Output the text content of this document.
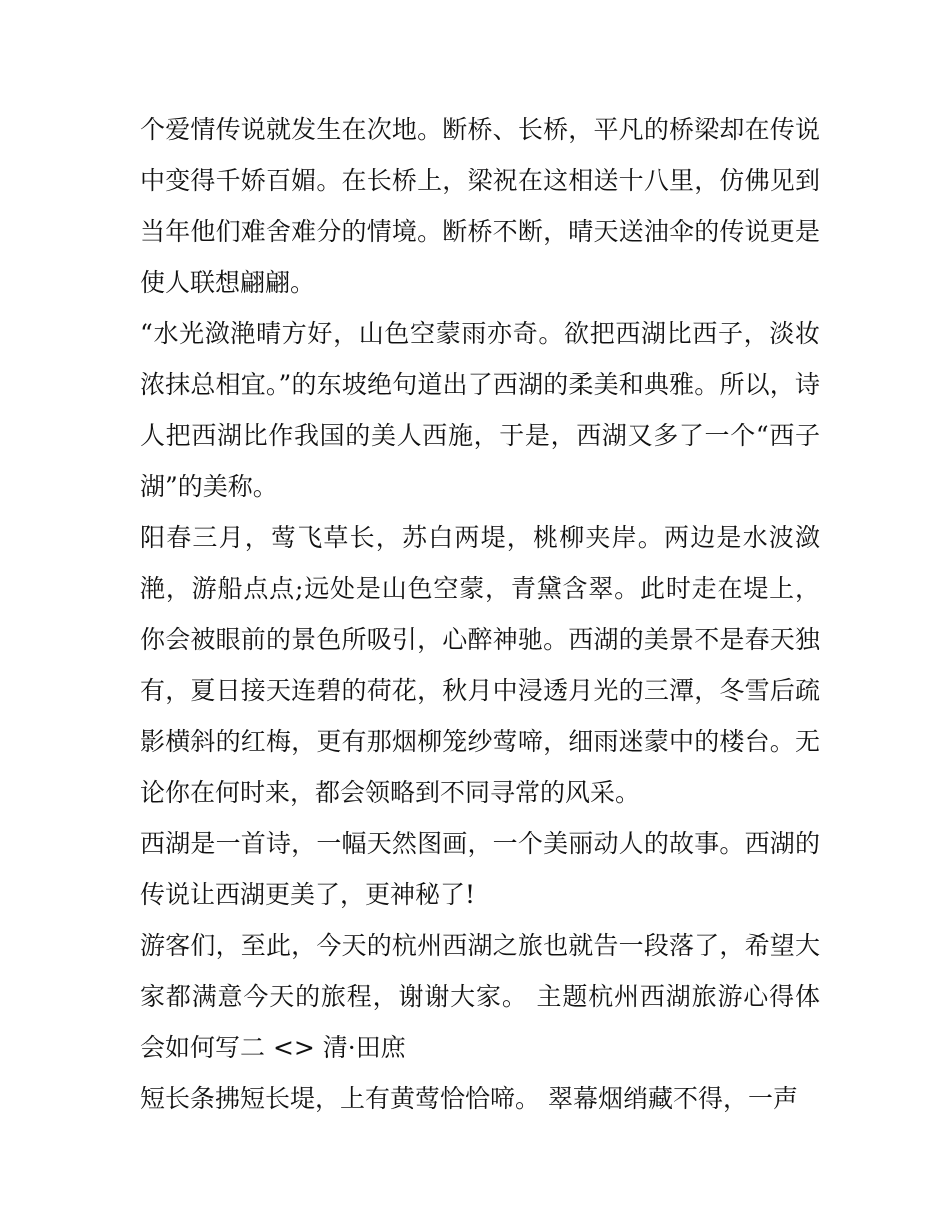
个爱情传说就发生在次地。断桥、长桥，平凡的桥梁却在传说中变得千娇百媚。在长桥上，梁祝在这相送十八里，仿佛见到当年他们难舍难分的情境。断桥不断，晴天送油伞的传说更是使人联想翩翩。

“水光潋滟晴方好，山色空蒙雨亦奇。欲把西湖比西子，淡妆浓抹总相宜。”的东坡绝句道出了西湖的柔美和典雅。所以，诗人把西湖比作我国的美人西施，于是，西湖又多了一个“西子湖”的美称。

阳春三月，莺飞草长，苏白两堤，桃柳夹岸。两边是水波潋滟，游船点点;远处是山色空蒙，青黛含翠。此时走在堤上，你会被眼前的景色所吸引，心醉神驰。西湖的美景不是春天独有，夏日接天连碧的荷花，秋月中浸透月光的三潭，冬雪后疏影横斜的红梅，更有那烟柳笼纱莺啼，细雨迷蒙中的楼台。无论你在何时来，都会领略到不同寻常的风采。

西湖是一首诗，一幅天然图画，一个美丽动人的故事。西湖的传说让西湖更美了，更神秘了!

游客们，至此，今天的杭州西湖之旅也就告一段落了，希望大家都满意今天的旅程，谢谢大家。 主题杭州西湖旅游心得体会如何写二 <> 清·田庶

短长条拂短长堤，上有黄莺恰恰啼。 翠幕烟绡藏不得，一声
